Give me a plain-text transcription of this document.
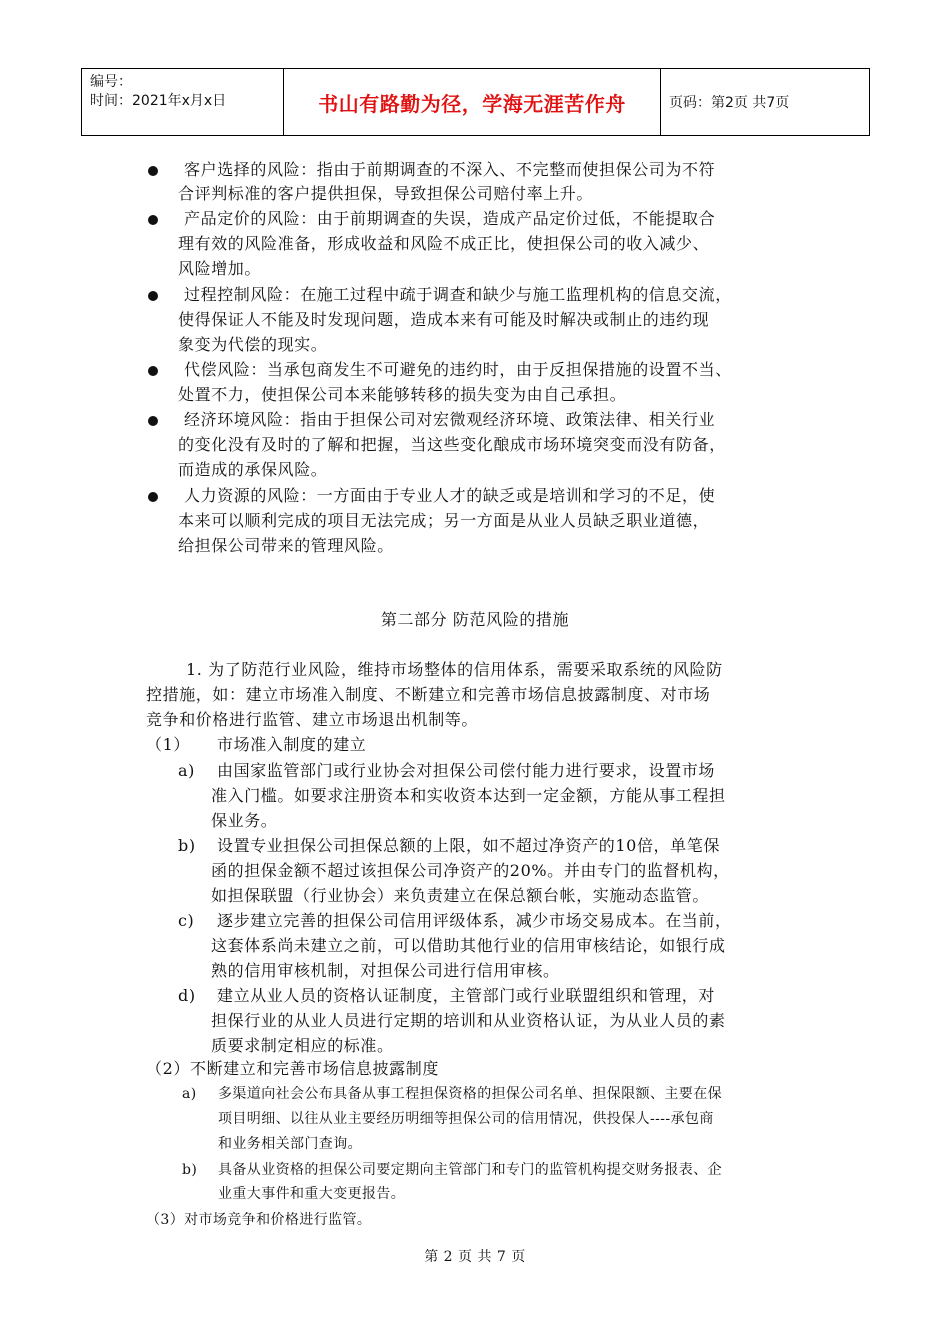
编号：
时间：2021年x月x日	书山有路勤为径，学海无涯苦作舟	页码：第2页 共7页
客户选择的风险：指由于前期调查的不深入、不完整而使担保公司为不符
合评判标准的客户提供担保，导致担保公司赔付率上升。
产品定价的风险：由于前期调查的失误，造成产品定价过低，不能提取合
理有效的风险准备，形成收益和风险不成正比，使担保公司的收入减少、
风险增加。
过程控制风险：在施工过程中疏于调查和缺少与施工监理机构的信息交流，
使得保证人不能及时发现问题，造成本来有可能及时解决或制止的违约现
象变为代偿的现实。
代偿风险：当承包商发生不可避免的违约时，由于反担保措施的设置不当、
处置不力，使担保公司本来能够转移的损失变为由自己承担。
经济环境风险：指由于担保公司对宏微观经济环境、政策法律、相关行业
的变化没有及时的了解和把握，当这些变化酿成市场环境突变而没有防备，
而造成的承保风险。
人力资源的风险：一方面由于专业人才的缺乏或是培训和学习的不足，使
本来可以顺利完成的项目无法完成；另一方面是从业人员缺乏职业道德，
给担保公司带来的管理风险。
第二部分 防范风险的措施
1. 为了防范行业风险，维持市场整体的信用体系，需要采取系统的风险防
控措施，如：建立市场准入制度、不断建立和完善市场信息披露制度、对市场
竞争和价格进行监管、建立市场退出机制等。
（1） 市场准入制度的建立
a) 由国家监管部门或行业协会对担保公司偿付能力进行要求，设置市场
准入门槛。如要求注册资本和实收资本达到一定金额，方能从事工程担
保业务。
b) 设置专业担保公司担保总额的上限，如不超过净资产的10倍，单笔保
函的担保金额不超过该担保公司净资产的20%。并由专门的监督机构，
如担保联盟（行业协会）来负责建立在保总额台帐，实施动态监管。
c) 逐步建立完善的担保公司信用评级体系，减少市场交易成本。在当前，
这套体系尚未建立之前，可以借助其他行业的信用审核结论，如银行成
熟的信用审核机制，对担保公司进行信用审核。
d) 建立从业人员的资格认证制度，主管部门或行业联盟组织和管理，对
担保行业的从业人员进行定期的培训和从业资格认证，为从业人员的素
质要求制定相应的标准。
（2）不断建立和完善市场信息披露制度
a) 多渠道向社会公布具备从事工程担保资格的担保公司名单、担保限额、主要在保
项目明细、以往从业主要经历明细等担保公司的信用情况，供投保人----承包商
和业务相关部门查询。
b) 具备从业资格的担保公司要定期向主管部门和专门的监管机构提交财务报表、企
业重大事件和重大变更报告。
（3）对市场竞争和价格进行监管。
第 2 页 共 7 页
